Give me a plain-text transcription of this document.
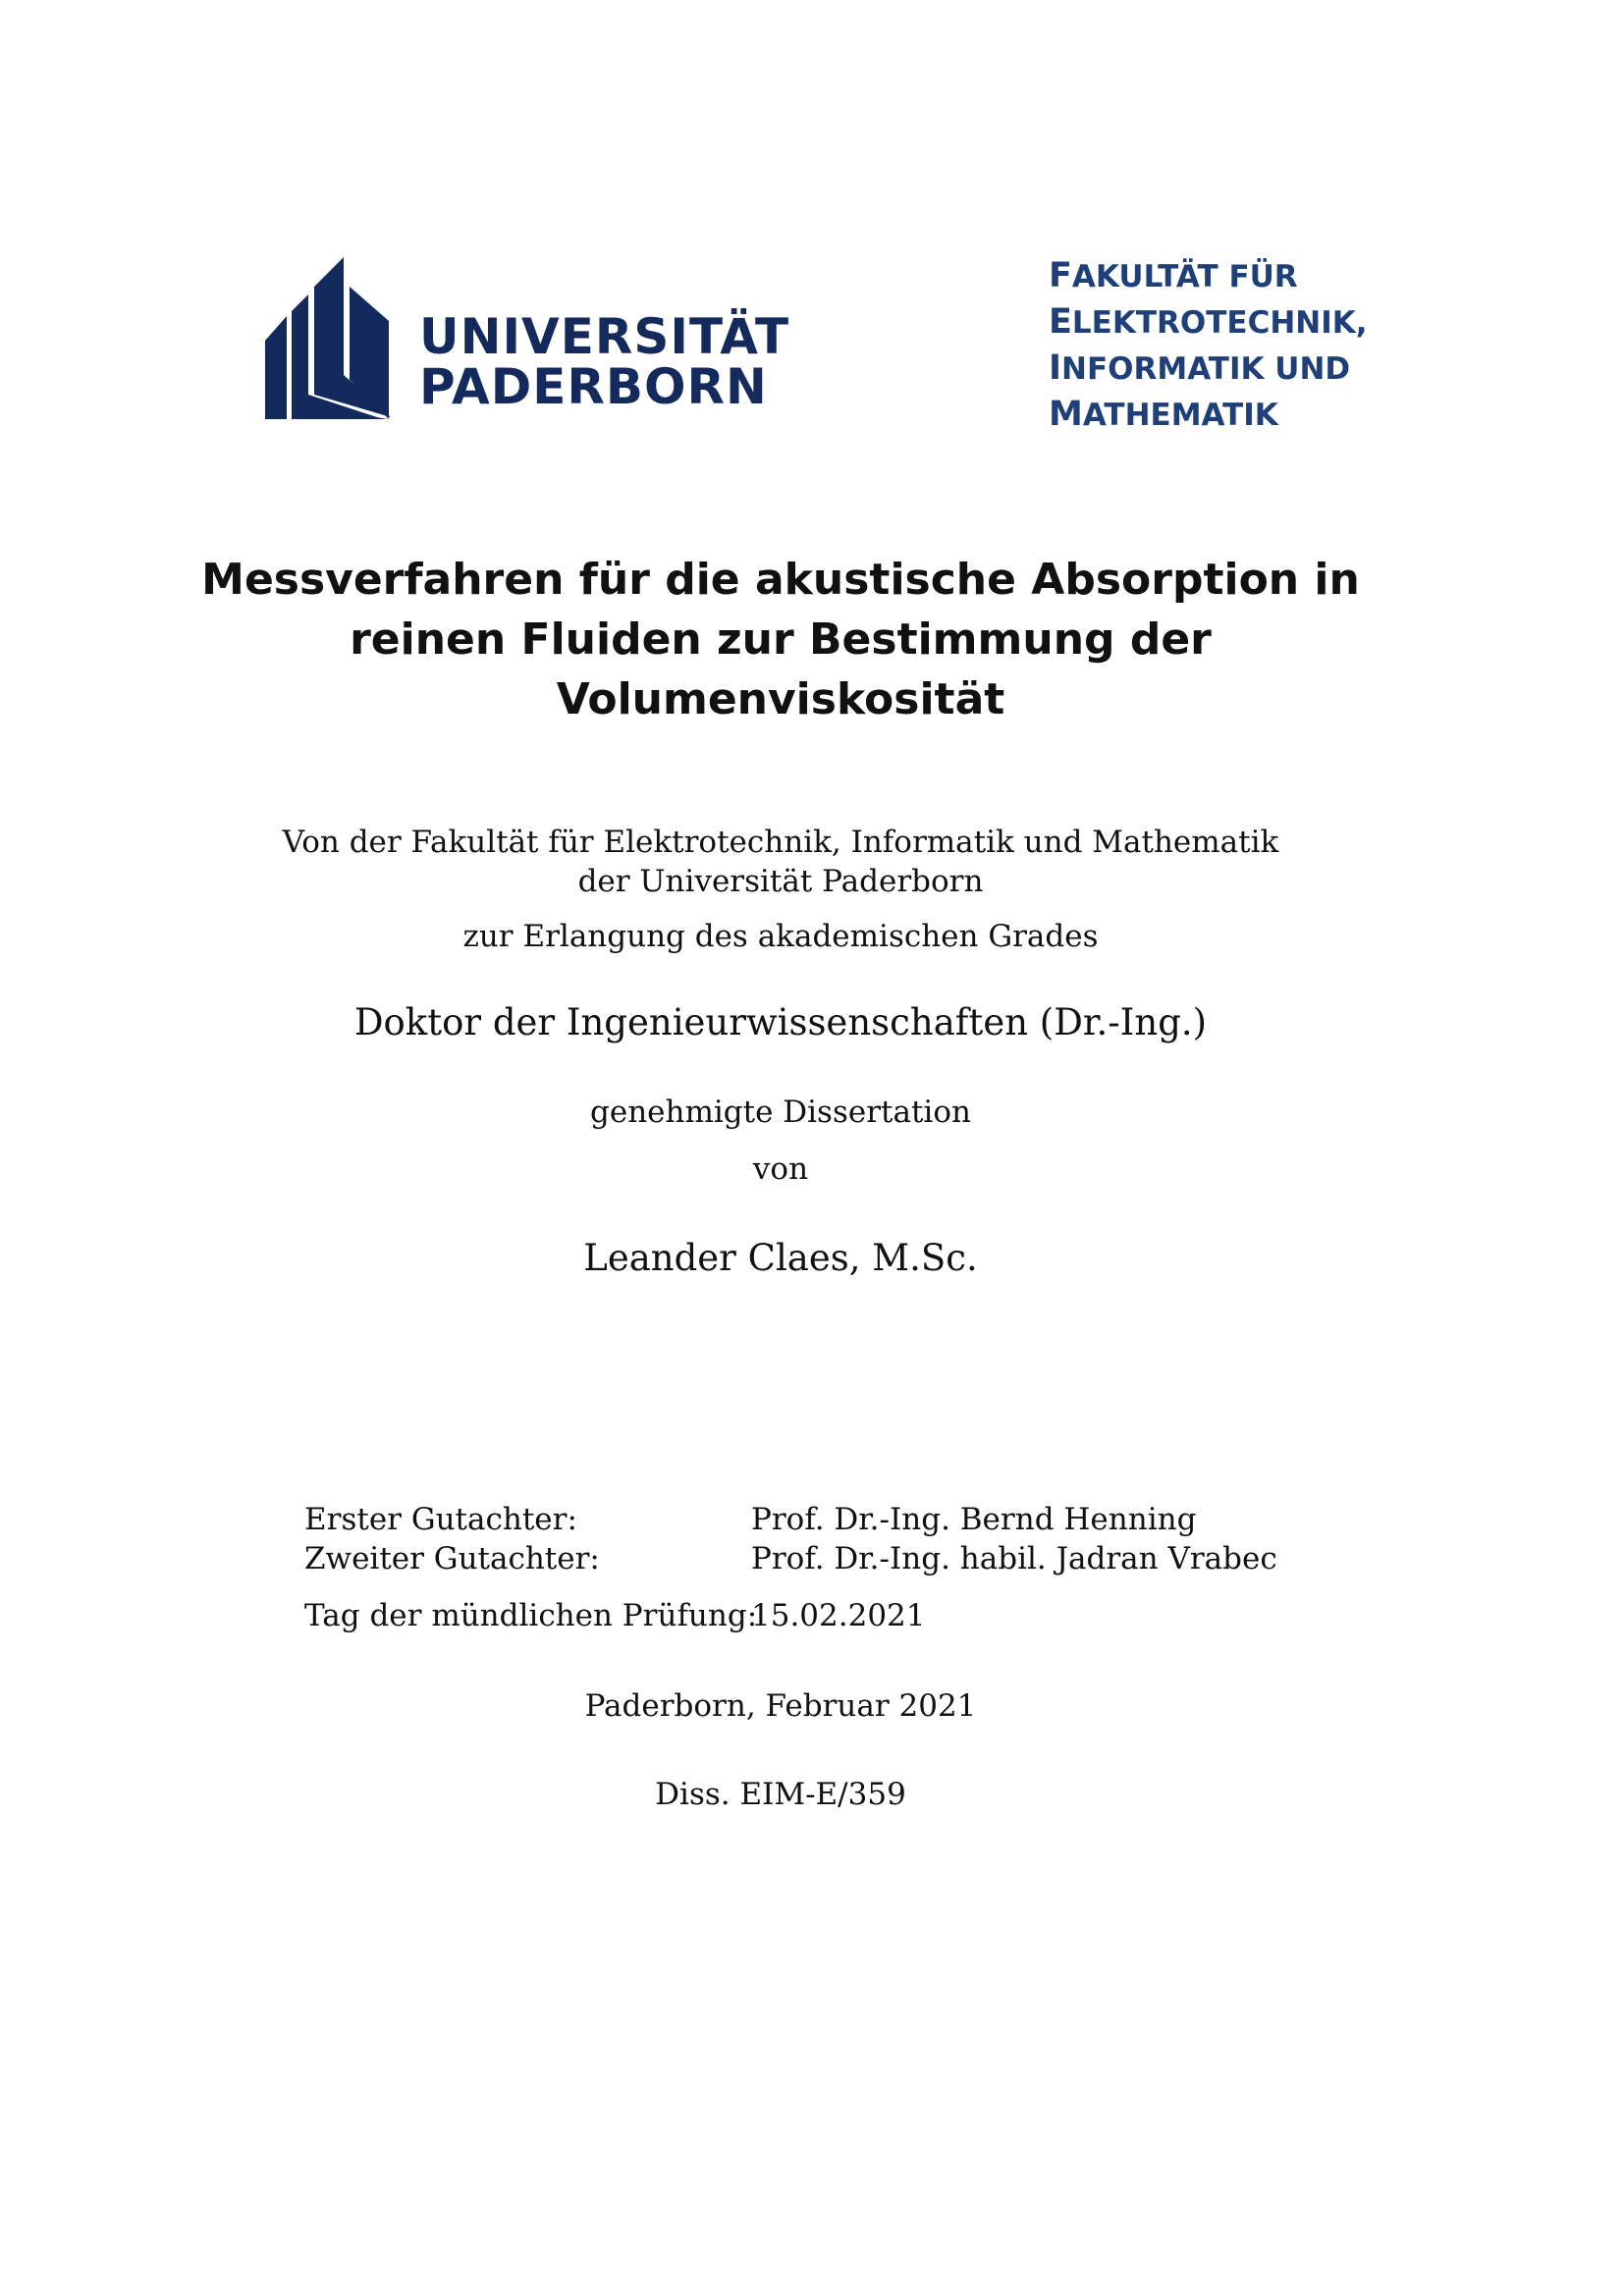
UNIVERSITÄT
PADERBORN
FAKULTÄT FÜR
ELEKTROTECHNIK,
INFORMATIK UND
MATHEMATIK
Messverfahren für die akustische Absorption in
reinen Fluiden zur Bestimmung der
Volumenviskosität
Von der Fakultät für Elektrotechnik, Informatik und Mathematik
der Universität Paderborn
zur Erlangung des akademischen Grades
Doktor der Ingenieurwissenschaften (Dr.-Ing.)
genehmigte Dissertation
von
Leander Claes, M.Sc.
Erster Gutachter:	Prof. Dr.-Ing. Bernd Henning
Zweiter Gutachter:	Prof. Dr.-Ing. habil. Jadran Vrabec
Tag der mündlichen Prüfung:
15.02.2021
Paderborn, Februar 2021
Diss. EIM-E/359
